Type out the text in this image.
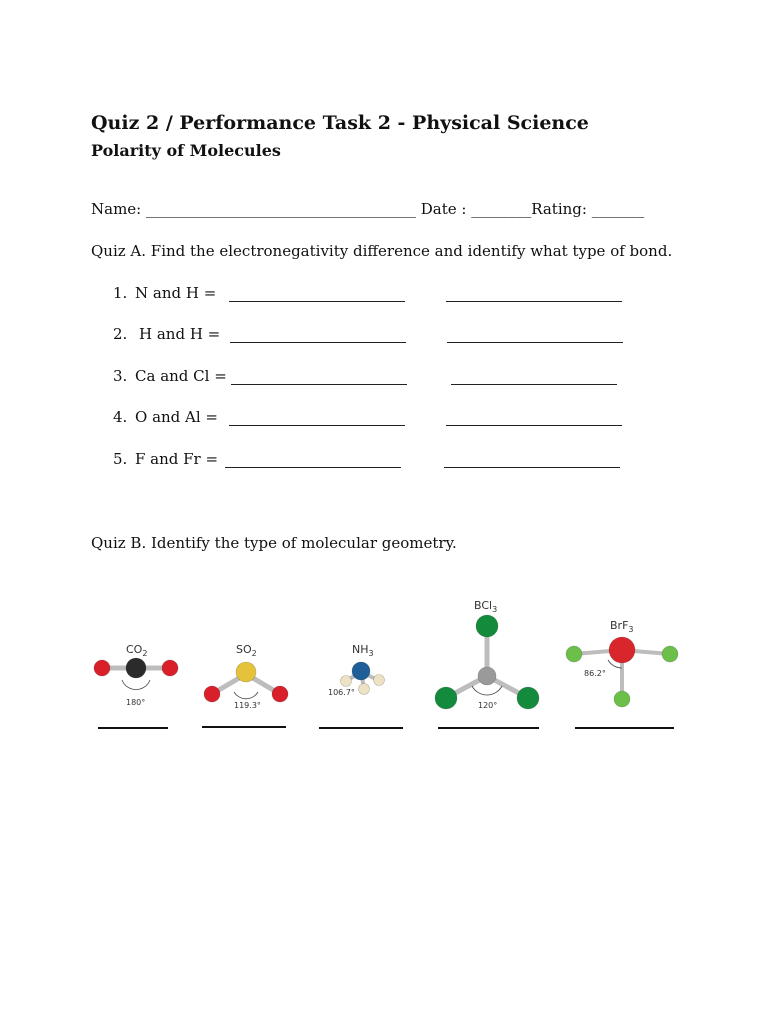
Quiz 2 / Performance Task 2 - Physical Science
Polarity of Molecules
Name: ____________________________________ Date : ________Rating: _______
Quiz A. Find the electronegativity difference and identify what type of bond.
1. N and H =
2. H and H =
3. Ca and Cl =
4. O and Al =
5. F and Fr =
Quiz B. Identify the type of molecular geometry.
$CO_2$
180°
$SO_2$
119.3°
$NH_3$
106.7°
BCl$_3$
120°
BrF$_3$
86.2°
